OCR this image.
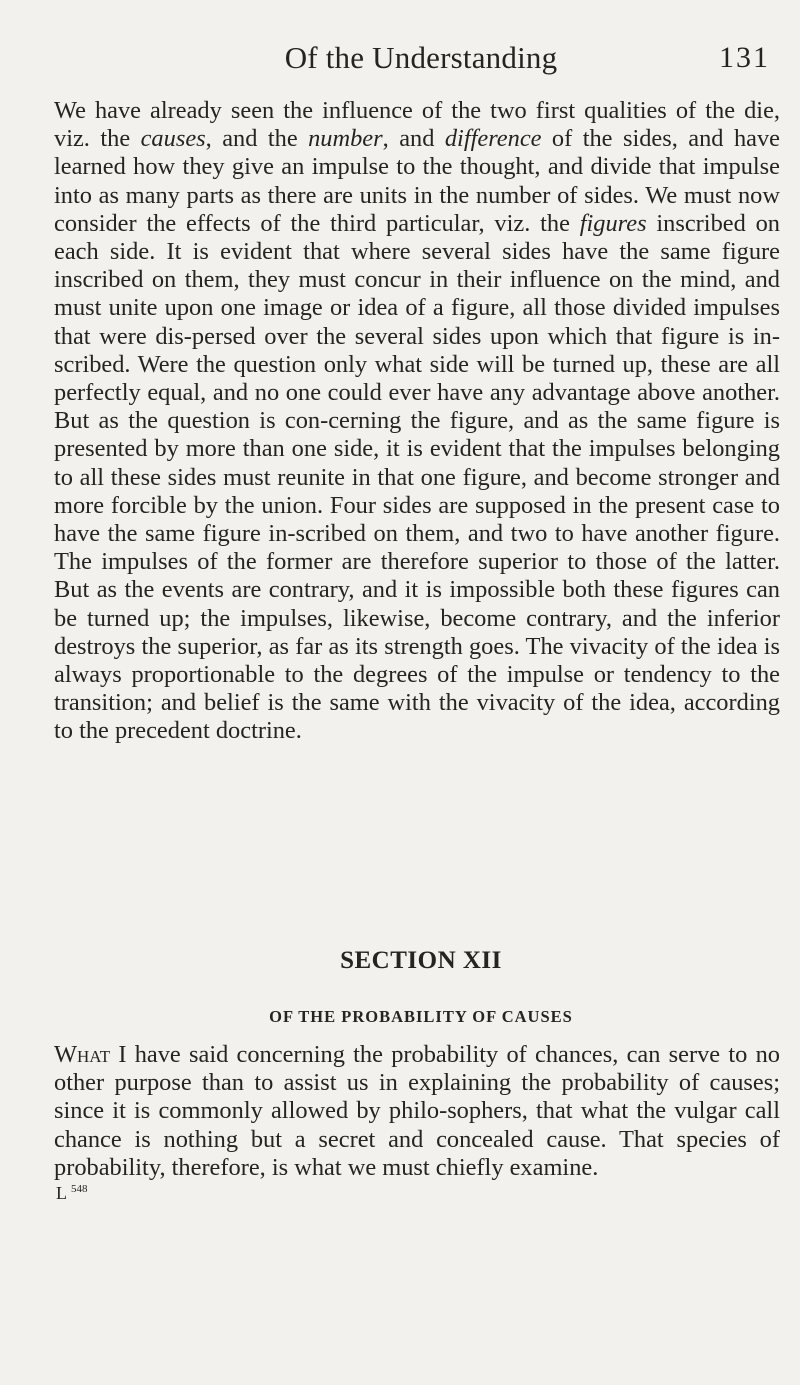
Of the Understanding	131

We have already seen the influence of the two first qualities of the die, viz. the causes, and the number, and difference of the sides, and have learned how they give an impulse to the thought, and divide that impulse into as many parts as there are units in the number of sides. We must now consider the effects of the third particular, viz. the figures inscribed on each side. It is evident that where several sides have the same figure inscribed on them, they must concur in their influence on the mind, and must unite upon one image or idea of a figure, all those divided impulses that were dis-persed over the several sides upon which that figure is in-scribed. Were the question only what side will be turned up, these are all perfectly equal, and no one could ever have any advantage above another. But as the question is con-cerning the figure, and as the same figure is presented by more than one side, it is evident that the impulses belonging to all these sides must reunite in that one figure, and become stronger and more forcible by the union. Four sides are supposed in the present case to have the same figure in-scribed on them, and two to have another figure. The impulses of the former are therefore superior to those of the latter. But as the events are contrary, and it is impossible both these figures can be turned up; the impulses, likewise, become contrary, and the inferior destroys the superior, as far as its strength goes. The vivacity of the idea is always proportionable to the degrees of the impulse or tendency to the transition; and belief is the same with the vivacity of the idea, according to the precedent doctrine.

SECTION XII
OF THE PROBABILITY OF CAUSES

What I have said concerning the probability of chances, can serve to no other purpose than to assist us in explaining the probability of causes; since it is commonly allowed by philo-sophers, that what the vulgar call chance is nothing but a secret and concealed cause. That species of probability, therefore, is what we must chiefly examine.

L $^{548}$
